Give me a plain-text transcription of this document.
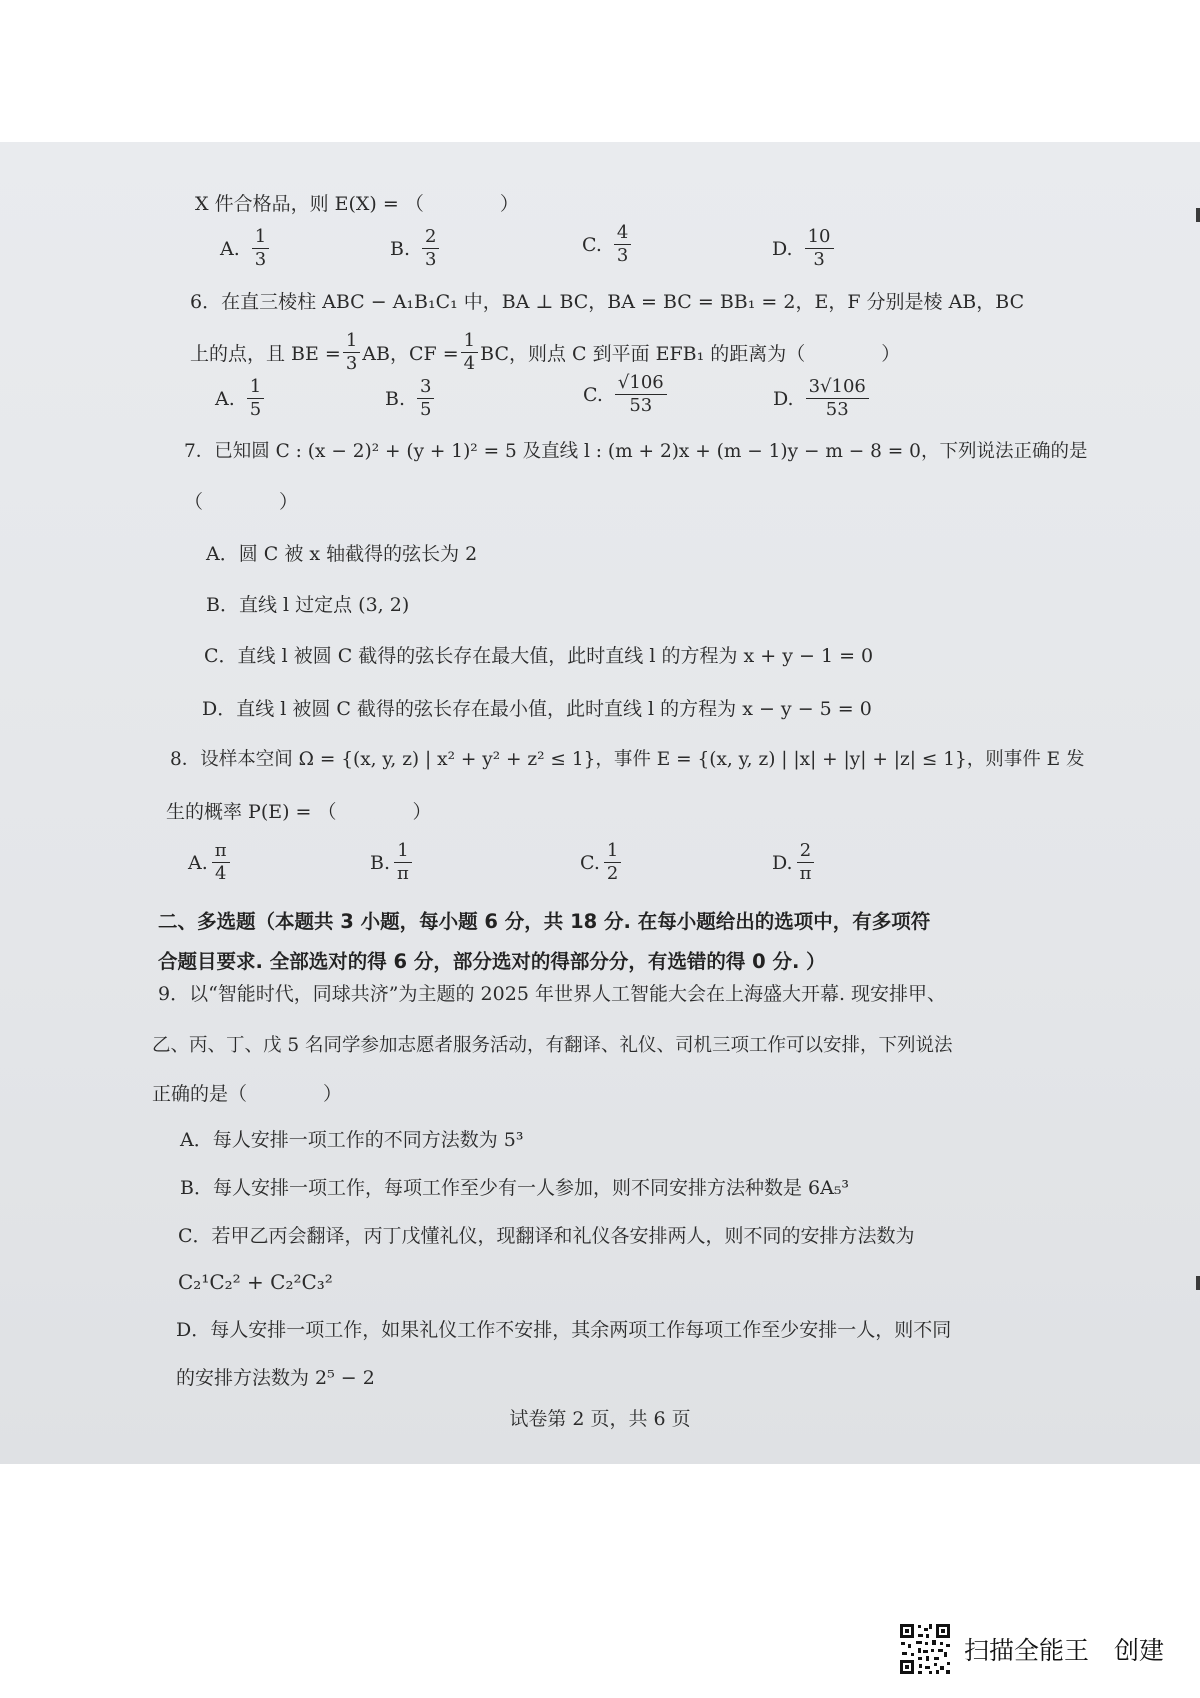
X 件合格品，则 E(X) = （　　　　）
A. $\frac{1}{3}$	B. $\frac{2}{3}$	C. $\frac{4}{3}$	D. $\frac{10}{3}$
6．在直三棱柱 ABC − A₁B₁C₁ 中，BA ⊥ BC，BA = BC = BB₁ = 2，E，F 分别是棱 AB，BC
上的点，且 BE = $\frac{1}{3}$ AB，CF = $\frac{1}{4}$ BC，则点 C 到平面 EFB₁ 的距离为（　　　　）
A. $\frac{1}{5}$	B. $\frac{3}{5}$	C. $\frac{√106}{53}$	D. $\frac{3√106}{53}$
7．已知圆 C : (x − 2)² + (y + 1)² = 5 及直线 l : (m + 2)x + (m − 1)y − m − 8 = 0，下列说法正确的是
（　　　　）
A．圆 C 被 x 轴截得的弦长为 2
B．直线 l 过定点 (3, 2)
C．直线 l 被圆 C 截得的弦长存在最大值，此时直线 l 的方程为 x + y − 1 = 0
D．直线 l 被圆 C 截得的弦长存在最小值，此时直线 l 的方程为 x − y − 5 = 0
8．设样本空间 Ω = {(x, y, z) | x² + y² + z² ≤ 1}，事件 E = {(x, y, z) | |x| + |y| + |z| ≤ 1}，则事件 E 发
生的概率 P(E) = （　　　　）
A. $\frac{\pi}{4}$	B. $\frac{1}{\pi}$	C. $\frac{1}{2}$	D. $\frac{2}{\pi}$
二、多选题（本题共 3 小题，每小题 6 分，共 18 分. 在每小题给出的选项中，有多项符
合题目要求. 全部选对的得 6 分，部分选对的得部分分，有选错的得 0 分. ）
9．以“智能时代，同球共济”为主题的 2025 年世界人工智能大会在上海盛大开幕. 现安排甲、
乙、丙、丁、戊 5 名同学参加志愿者服务活动，有翻译、礼仪、司机三项工作可以安排，下列说法
正确的是（　　　　）
A．每人安排一项工作的不同方法数为 5³
B．每人安排一项工作，每项工作至少有一人参加，则不同安排方法种数是 6A₅³
C．若甲乙丙会翻译，丙丁戊懂礼仪，现翻译和礼仪各安排两人，则不同的安排方法数为
C₂¹C₂² + C₂²C₃²
D．每人安排一项工作，如果礼仪工作不安排，其余两项工作每项工作至少安排一人，则不同
的安排方法数为 2⁵ − 2
试卷第 2 页，共 6 页
扫描全能王　创建
